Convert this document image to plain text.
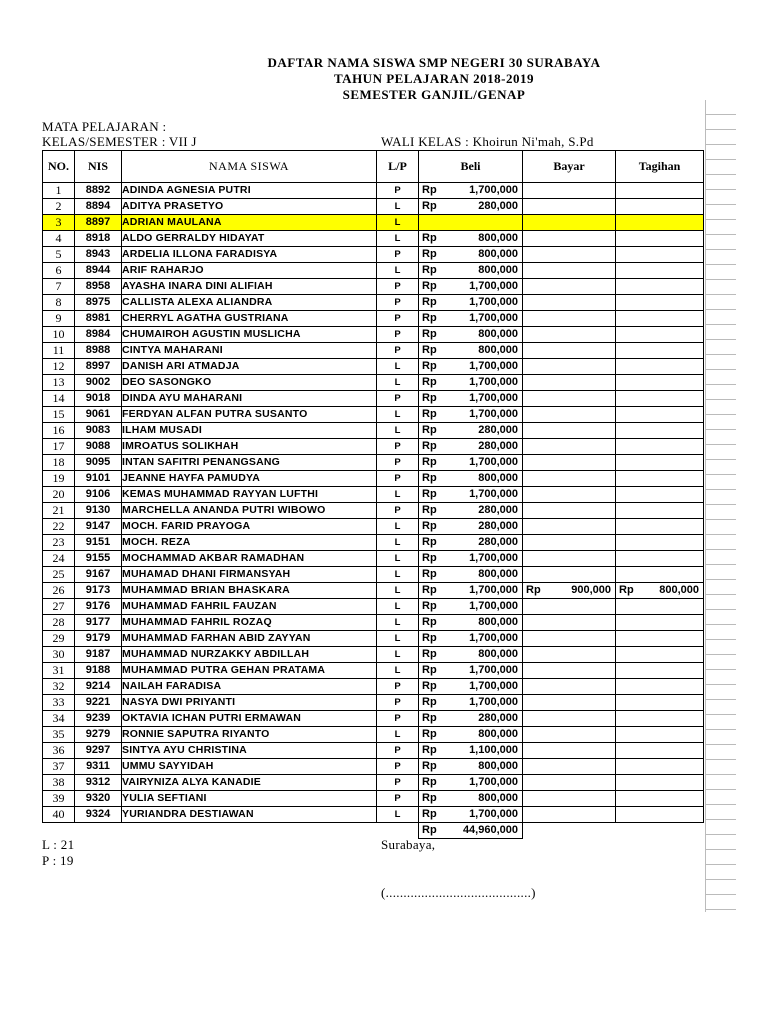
DAFTAR NAMA SISWA SMP NEGERI 30 SURABAYA
TAHUN PELAJARAN 2018-2019
SEMESTER GANJIL/GENAP
MATA PELAJARAN :
KELAS/SEMESTER : VII J	WALI KELAS : Khoirun Ni'mah, S.Pd
NO.	NIS	NAMA SISWA	L/P	Beli	Bayar	Tagihan
1	8892	ADINDA AGNESIA PUTRI	P	Rp 1,700,000		

2	8894	ADITYA PRASETYO	L	Rp 280,000		

3	8897	ADRIAN MAULANA	L			
4	8918	ALDO GERRALDY HIDAYAT	L	Rp 800,000		

5	8943	ARDELIA ILLONA FARADISYA	P	Rp 800,000		

6	8944	ARIF RAHARJO	L	Rp 800,000		

7	8958	AYASHA INARA DINI ALIFIAH	P	Rp 1,700,000		

8	8975	CALLISTA ALEXA ALIANDRA	P	Rp 1,700,000		

9	8981	CHERRYL AGATHA GUSTRIANA	P	Rp 1,700,000		

10	8984	CHUMAIROH AGUSTIN MUSLICHA	P	Rp 800,000		

11	8988	CINTYA MAHARANI	P	Rp 800,000		

12	8997	DANISH ARI ATMADJA	L	Rp 1,700,000		

13	9002	DEO SASONGKO	L	Rp 1,700,000		

14	9018	DINDA AYU MAHARANI	P	Rp 1,700,000		

15	9061	FERDYAN ALFAN PUTRA SUSANTO	L	Rp 1,700,000		

16	9083	ILHAM MUSADI	L	Rp 280,000		

17	9088	IMROATUS SOLIKHAH	P	Rp 280,000		

18	9095	INTAN SAFITRI PENANGSANG	P	Rp 1,700,000		

19	9101	JEANNE HAYFA PAMUDYA	P	Rp 800,000		

20	9106	KEMAS MUHAMMAD RAYYAN LUFTHI	L	Rp 1,700,000		

21	9130	MARCHELLA ANANDA PUTRI WIBOWO	P	Rp 280,000		

22	9147	MOCH. FARID PRAYOGA	L	Rp 280,000		

23	9151	MOCH. REZA	L	Rp 280,000		

24	9155	MOCHAMMAD AKBAR RAMADHAN	L	Rp 1,700,000		

25	9167	MUHAMAD DHANI FIRMANSYAH	L	Rp 800,000		

26	9173	MUHAMMAD BRIAN BHASKARA	L	Rp 1,700,000	Rp 900,000	Rp 800,000

27	9176	MUHAMMAD FAHRIL FAUZAN	L	Rp 1,700,000		

28	9177	MUHAMMAD FAHRIL ROZAQ	L	Rp 800,000		

29	9179	MUHAMMAD FARHAN ABID ZAYYAN	L	Rp 1,700,000		

30	9187	MUHAMMAD NURZAKKY ABDILLAH	L	Rp 800,000		

31	9188	MUHAMMAD PUTRA GEHAN PRATAMA	L	Rp 1,700,000		

32	9214	NAILAH FARADISA	P	Rp 1,700,000		

33	9221	NASYA DWI PRIYANTI	P	Rp 1,700,000		

34	9239	OKTAVIA ICHAN PUTRI ERMAWAN	P	Rp 280,000		

35	9279	RONNIE SAPUTRA RIYANTO	L	Rp 800,000		

36	9297	SINTYA AYU CHRISTINA	P	Rp 1,100,000		

37	9311	UMMU SAYYIDAH	P	Rp 800,000		

38	9312	VAIRYNIZA ALYA KANADIE	P	Rp 1,700,000		

39	9320	YULIA SEFTIANI	P	Rp 800,000		

40	9324	YURIANDRA DESTIAWAN	L	Rp 1,700,000		

				Rp 44,960,000		

L : 21
P : 19
Surabaya,
(.........................................)
